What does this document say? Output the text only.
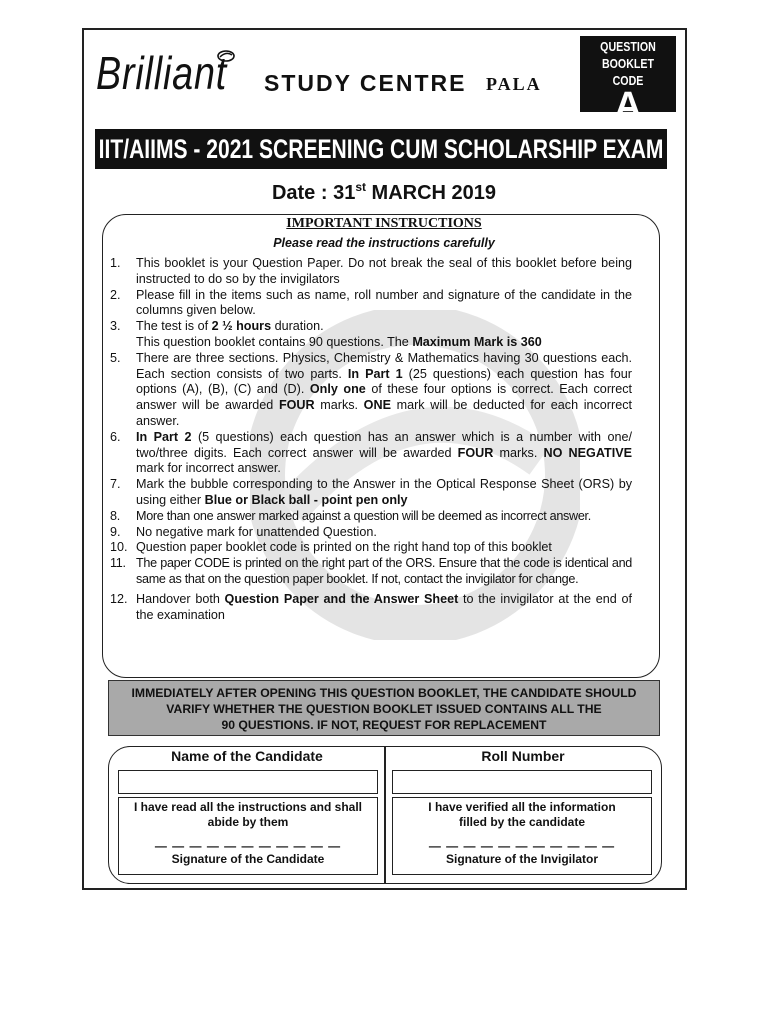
Brilliant STUDY CENTRE PALA
QUESTION
BOOKLET CODE
A
IIT/AIIMS - 2021 SCREENING CUM SCHOLARSHIP EXAM
Date : 31st MARCH 2019
IMPORTANT INSTRUCTIONS
Please read the instructions carefully
1. This booklet is your Question Paper. Do not break the seal of this booklet before being instructed to do so by the invigilators
2. Please fill in the items such as name, roll number and signature of the candidate in the columns given below.
3. The test is of 2 ½ hours duration.
This question booklet contains 90 questions. The Maximum Mark is 360
5. There are three sections. Physics, Chemistry & Mathematics having 30 questions each. Each section consists of two parts. In Part 1 (25 questions) each question has four options (A), (B), (C) and (D). Only one of these four options is correct. Each correct answer will be awarded FOUR marks. ONE mark will be deducted for each incorrect answer.
6. In Part 2 (5 questions) each question has an answer which is a number with one/ two/three digits. Each correct answer will be awarded FOUR marks. NO NEGATIVE mark for incorrect answer.
7. Mark the bubble corresponding to the Answer in the Optical Response Sheet (ORS) by using either Blue or Black ball - point pen only
8. More than one answer marked against a question will be deemed as incorrect answer.
9. No negative mark for unattended Question.
10. Question paper booklet code is printed on the right hand top of this booklet
11. The paper CODE is printed on the right part of the ORS. Ensure that the code is identical and same as that on the question paper booklet. If not, contact the invigilator for change.
12. Handover both Question Paper and the Answer Sheet to the invigilator at the end of the examination
IMMEDIATELY AFTER OPENING THIS QUESTION BOOKLET, THE CANDIDATE SHOULD
VARIFY WHETHER THE QUESTION BOOKLET ISSUED CONTAINS ALL THE
90 QUESTIONS. IF NOT, REQUEST FOR REPLACEMENT
Name of the Candidate	Roll Number
I have read all the instructions and shall
abide by them
— — — — — — — — — — —
Signature of the Candidate
I have verified all the information
filled by the candidate
— — — — — — — — — — —
Signature of the Invigilator
